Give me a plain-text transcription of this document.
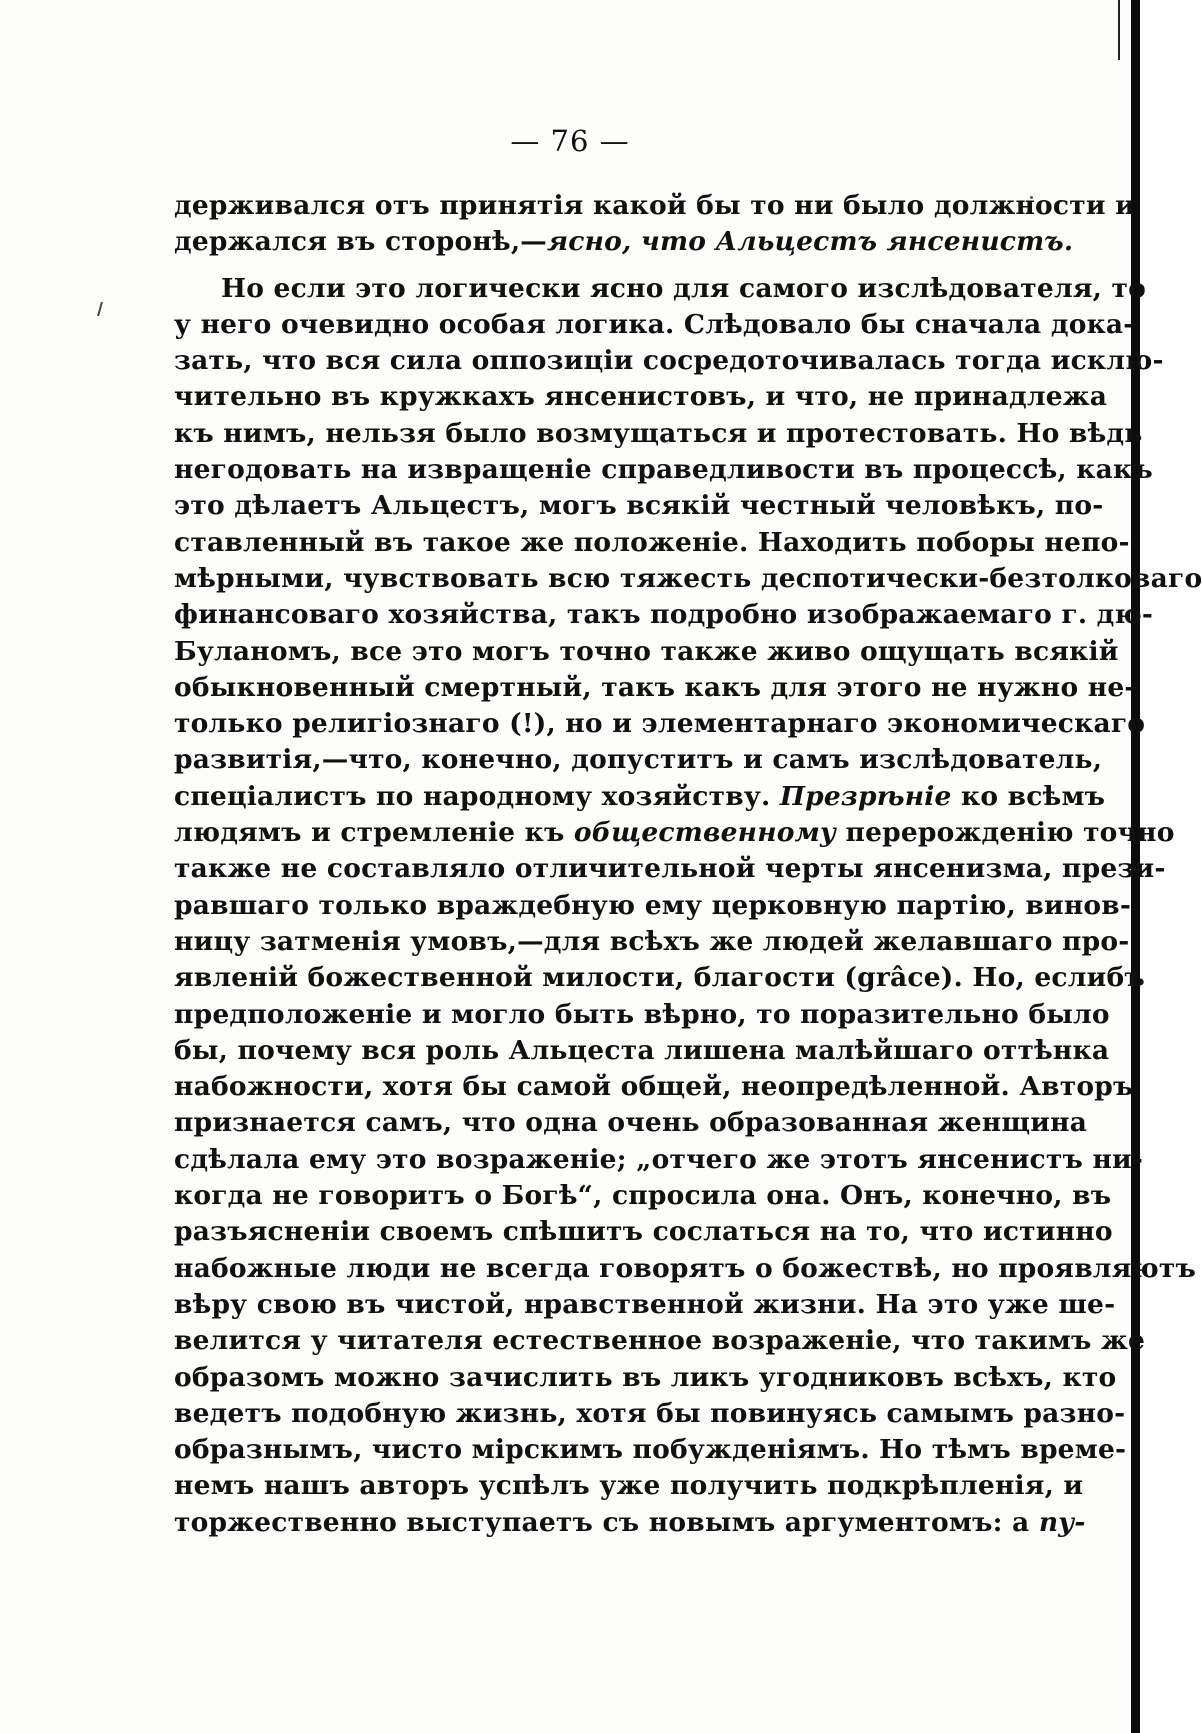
— 76 —
держивался отъ принятія какой бы то ни было должности и
держался въ сторонѣ,—ясно, что Альцестъ янсенистъ.
Но если это логически ясно для самого изслѣдователя, то
у него очевидно особая логика. Слѣдовало бы сначала дока-
зать, что вся сила оппозиціи сосредоточивалась тогда исклю-
чительно въ кружкахъ янсенистовъ, и что, не принадлежа
къ нимъ, нельзя было возмущаться и протестовать. Но вѣдь
негодовать на извращеніе справедливости въ процессѣ, какъ
это дѣлаетъ Альцестъ, могъ всякій честный человѣкъ, по-
ставленный въ такое же положеніе. Находить поборы непо-
мѣрными, чувствовать всю тяжесть деспотически-безтолковаго
финансоваго хозяйства, такъ подробно изображаемаго г. дю-
Буланомъ, все это могъ точно также живо ощущать всякій
обыкновенный смертный, такъ какъ для этого не нужно не-
только религіознаго (!), но и элементарнаго экономическаго
развитія,—что, конечно, допуститъ и самъ изслѣдователь,
спеціалистъ по народному хозяйству. Презрѣніе ко всѣмъ
людямъ и стремленіе къ общественному перерожденію точно
также не составляло отличительной черты янсенизма, прези-
равшаго только враждебную ему церковную партію, винов-
ницу затменія умовъ,—для всѣхъ же людей желавшаго про-
явленій божественной милости, благости (grâce). Но, еслибъ
предположеніе и могло быть вѣрно, то поразительно было
бы, почему вся роль Альцеста лишена малѣйшаго оттѣнка
набожности, хотя бы самой общей, неопредѣленной. Авторъ
признается самъ, что одна очень образованная женщина
сдѣлала ему это возраженіе; „отчего же этотъ янсенистъ ни-
когда не говоритъ о Богѣ“, спросила она. Онъ, конечно, въ
разъясненіи своемъ спѣшитъ сослаться на то, что истинно
набожные люди не всегда говорятъ о божествѣ, но проявляютъ
вѣру свою въ чистой, нравственной жизни. На это уже ше-
велится у читателя естественное возраженіе, что такимъ же
образомъ можно зачислить въ ликъ угодниковъ всѣхъ, кто
ведетъ подобную жизнь, хотя бы повинуясь самымъ разно-
образнымъ, чисто мірскимъ побужденіямъ. Но тѣмъ време-
немъ нашъ авторъ успѣлъ уже получить подкрѣпленія, и
торжественно выступаетъ съ новымъ аргументомъ: а пу-
